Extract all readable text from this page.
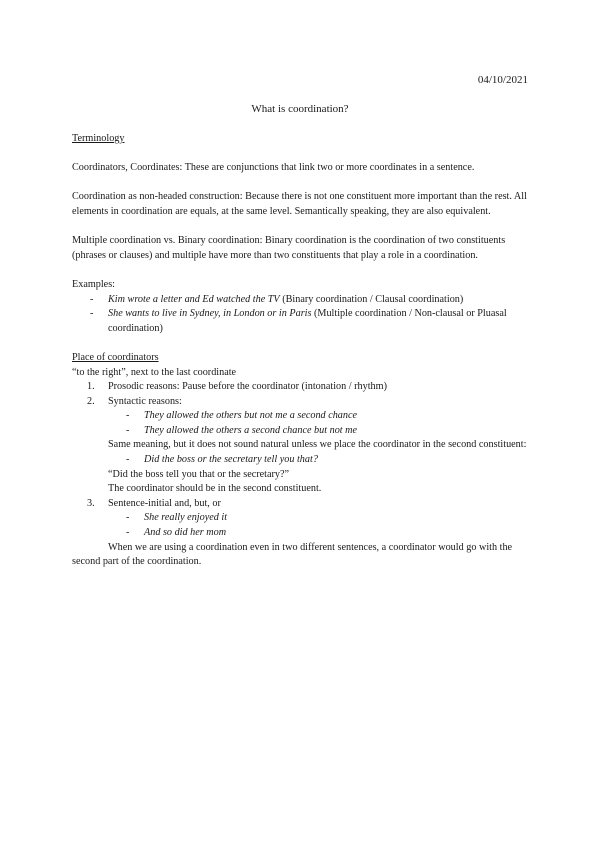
04/10/2021
What is coordination?

Terminology

Coordinators, Coordinates: These are conjunctions that link two or more coordinates in a sentence.

Coordination as non-headed construction: Because there is not one constituent more important than the rest. All elements in coordination are equals, at the same level. Semantically speaking, they are also equivalent.

Multiple coordination vs. Binary coordination: Binary coordination is the coordination of two constituents (phrases or clauses) and multiple have more than two constituents that play a role in a coordination.

Examples:

-	Kim wrote a letter and Ed watched the TV (Binary coordination / Clausal coordination)
-	She wants to live in Sydney, in London or in Paris (Multiple coordination / Non-clausal or Pluasal coordination)

Place of coordinators

“to the right”, next to the last coordinate

1.	Prosodic reasons: Pause before the coordinator (intonation / rhythm)
2.	Syntactic reasons:
-	They allowed the others but not me a second chance
-	They allowed the others a second chance but not me

Same meaning, but it does not sound natural unless we place the coordinator in the second constituent:

-	Did the boss or the secretary tell you that?

“Did the boss tell you that or the secretary?”

The coordinator should be in the second constituent.

3.	Sentence-initial and, but, or
-	She really enjoyed it
-	And so did her mom

When we are using a coordination even in two different sentences, a coordinator would go with the second part of the coordination.
